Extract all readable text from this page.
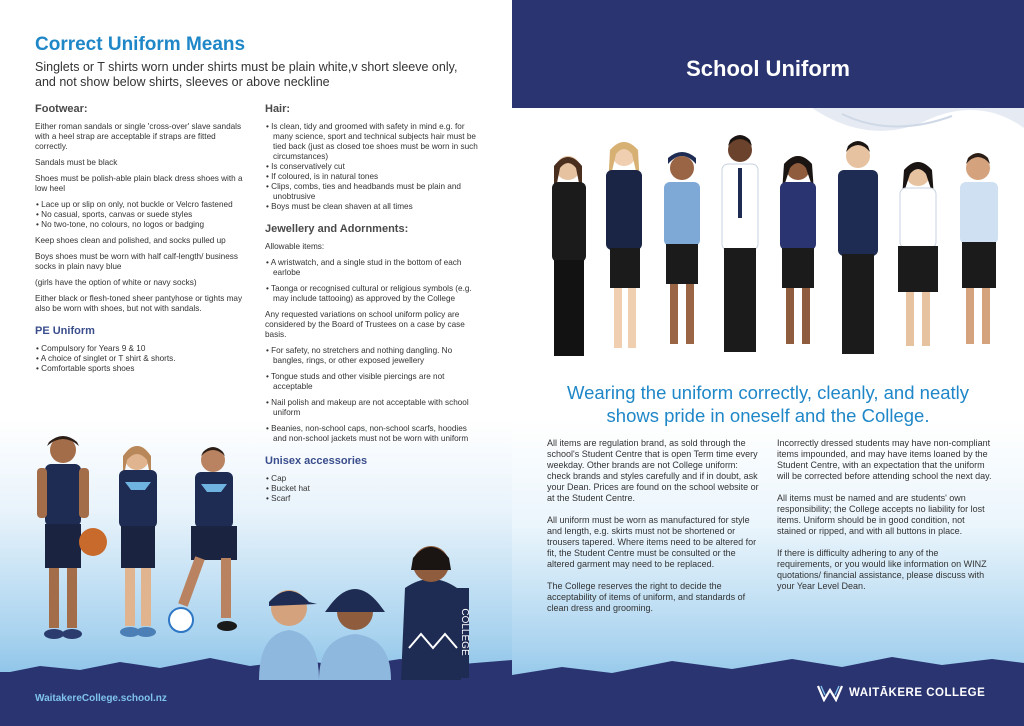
Correct Uniform Means
Singlets or T shirts worn under shirts must be plain white,v short sleeve only, and not show below shirts, sleeves or above neckline
Footwear:

Either roman sandals or single 'cross-over' slave sandals with a heel strap are acceptable if straps are fitted correctly.

Sandals must be black

Shoes must be polish-able plain black dress shoes with a low heel

• Lace up or slip on only, not buckle or Velcro fastened
• No casual, sports, canvas or suede styles
• No two-tone, no colours, no logos or badging

Keep shoes clean and polished, and socks pulled up

Boys shoes must be worn with half calf-length/ business socks in plain navy blue

(girls have the option of white or navy socks)

Either black or flesh-toned sheer pantyhose or tights may also be worn with shoes, but not with sandals.

PE Uniform
• Compulsory for Years 9 & 10
• A choice of singlet or T shirt & shorts.
• Comfortable sports shoes
Hair:
• Is clean, tidy and groomed with safety in mind e.g. for many science, sport and technical subjects hair must be tied back (just as closed toe shoes must be worn in such circumstances)
• Is conservatively cut
• If coloured, is in natural tones
• Clips, combs, ties and headbands must be plain and unobtrusive
• Boys must be clean shaven at all times
Jewellery and Adornments:

Allowable items:

• A wristwatch, and a single stud in the bottom of each earlobe
• Taonga or recognised cultural or religious symbols (e.g. may include tattooing) as approved by the College

Any requested variations on school uniform policy are considered by the Board of Trustees on a case by case basis.

• For safety, no stretchers and nothing dangling. No bangles, rings, or other exposed jewellery
• Tongue studs and other visible piercings are not acceptable
• Nail polish and makeup are not acceptable with school uniform
• Beanies, non-school caps, non-school scarfs, hoodies and non-school jackets must not be worn with uniform
Unisex accessories
• Cap
• Bucket hat
• Scarf
COLLEGE
WaitakereCollege.school.nz
School Uniform
Wearing the uniform correctly, cleanly, and neatly shows pride in oneself and the College.

All items are regulation brand, as sold through the school's Student Centre that is open Term time every weekday. Other brands are not College uniform: check brands and styles carefully and if in doubt, ask your Dean. Prices are found on the school website or at the Student Centre.

All uniform must be worn as manufactured for style and length, e.g. skirts must not be shortened or trousers tapered. Where items need to be altered for fit, the Student Centre must be consulted or the altered garment may need to be replaced.

The College reserves the right to decide the acceptability of items of uniform, and standards of clean dress and grooming.

Incorrectly dressed students may have non-compliant items impounded, and may have items loaned by the Student Centre, with an expectation that the uniform will be corrected before attending school the next day.

All items must be named and are students' own responsibility; the College accepts no liability for lost items. Uniform should be in good condition, not stained or ripped, and with all buttons in place.

If there is difficulty adhering to any of the requirements, or you would like information on WINZ quotations/ financial assistance, please discuss with your Year Level Dean.

WAITĀKERE COLLEGE
